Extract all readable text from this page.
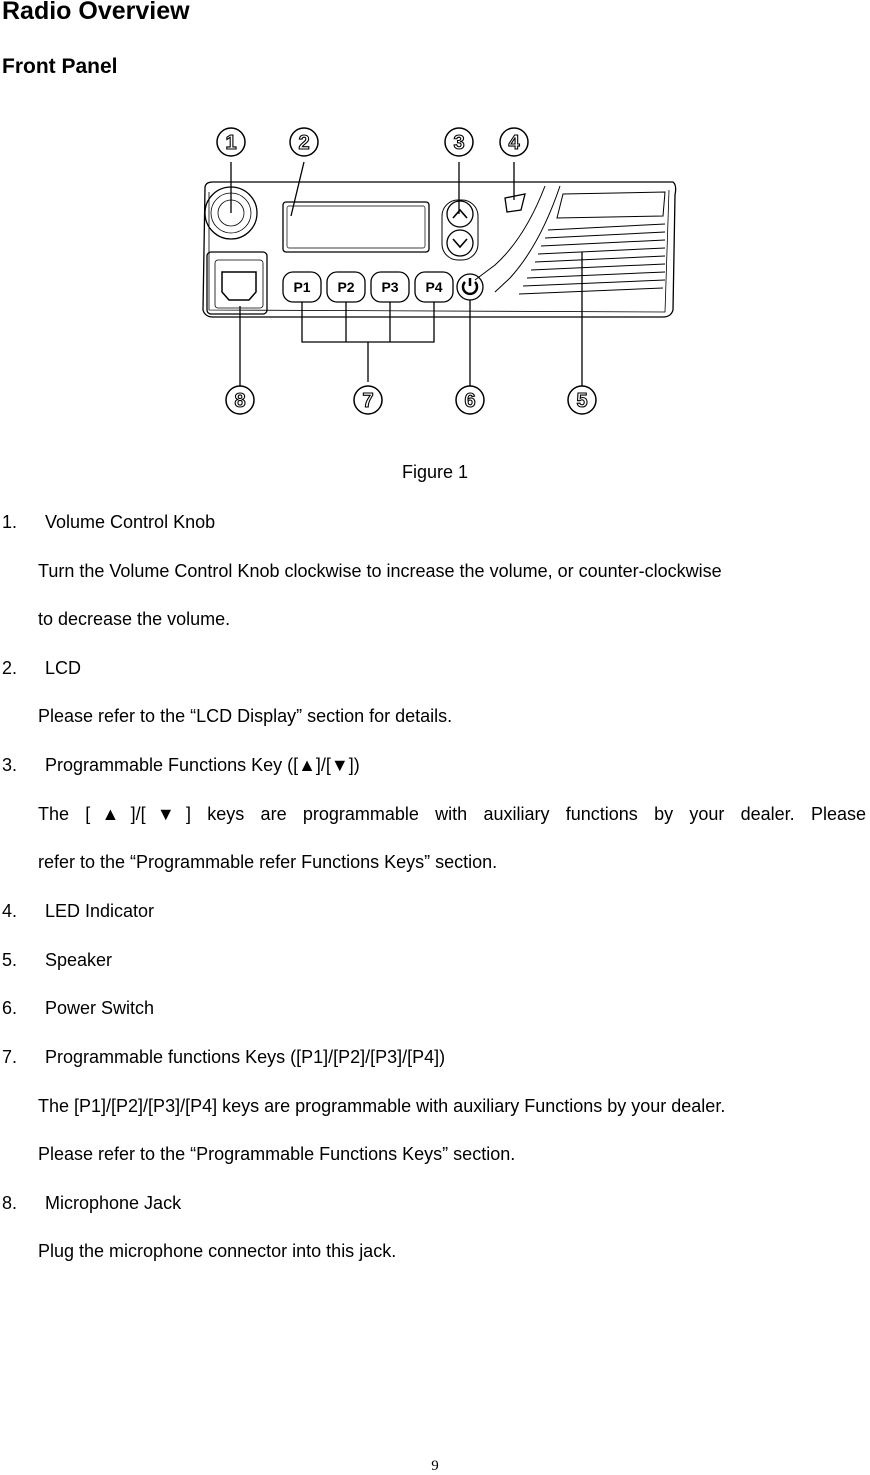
Radio Overview
Front Panel
P1 P2 P3 P4
1	2	3 4
5
6
7
8
Figure 1
1. Volume Control Knob
Turn the Volume Control Knob clockwise to increase the volume, or counter-clockwise
to decrease the volume.
2. LCD
Please refer to the “LCD Display” section for details.
3. Programmable Functions Key ([▲]/[▼])
The [▲]/[▼] keys are programmable with auxiliary functions by your dealer. Please
refer to the “Programmable refer Functions Keys” section.
4. LED Indicator
5. Speaker
6. Power Switch
7. Programmable functions Keys ([P1]/[P2]/[P3]/[P4])
The [P1]/[P2]/[P3]/[P4] keys are programmable with auxiliary Functions by your dealer.
Please refer to the “Programmable Functions Keys” section.
8. Microphone Jack
Plug the microphone connector into this jack.
9
